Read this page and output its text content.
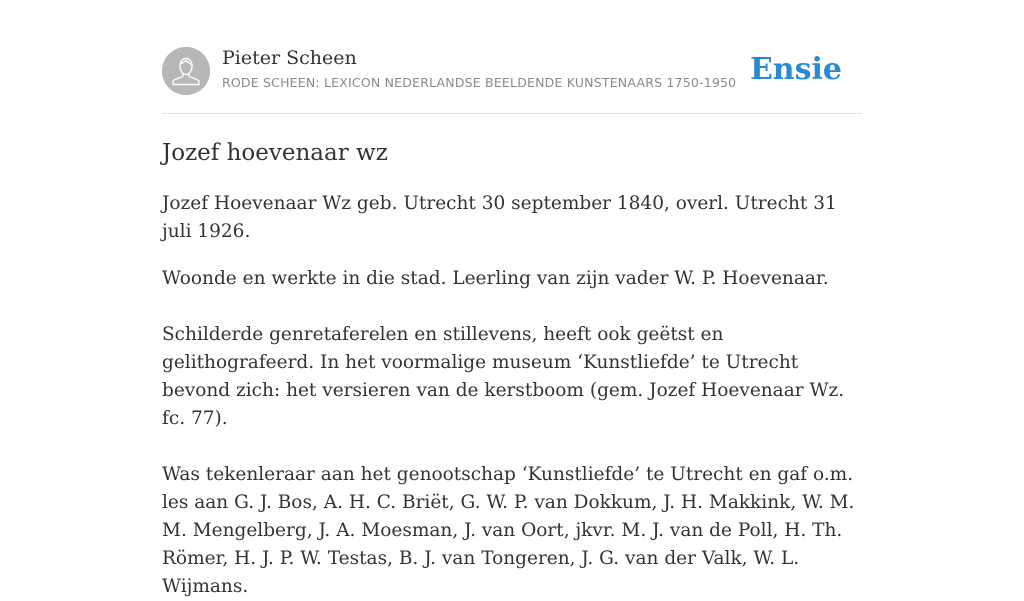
Pieter Scheen
RODE SCHEEN: LEXICON NEDERLANDSE BEELDENDE KUNSTENAARS 1750-1950 Ensie
Jozef hoevenaar wz

Jozef Hoevenaar Wz geb. Utrecht 30 september 1840, overl. Utrecht 31 juli 1926.

Woonde en werkte in die stad. Leerling van zijn vader W. P. Hoevenaar.

Schilderde genretaferelen en stillevens, heeft ook geëtst en gelithografeerd. In het voormalige museum ‘Kunstliefde’ te Utrecht bevond zich: het versieren van de kerstboom (gem. Jozef Hoevenaar Wz. fc. 77).

Was tekenleraar aan het genootschap ‘Kunstliefde’ te Utrecht en gaf o.m. les aan G. J. Bos, A. H. C. Briët, G. W. P. van Dokkum, J. H. Makkink, W. M. M. Mengelberg, J. A. Moesman, J. van Oort, jkvr. M. J. van de Poll, H. Th. Römer, H. J. P. W. Testas, B. J. van Tongeren, J. G. van der Valk, W. L. Wijmans.
